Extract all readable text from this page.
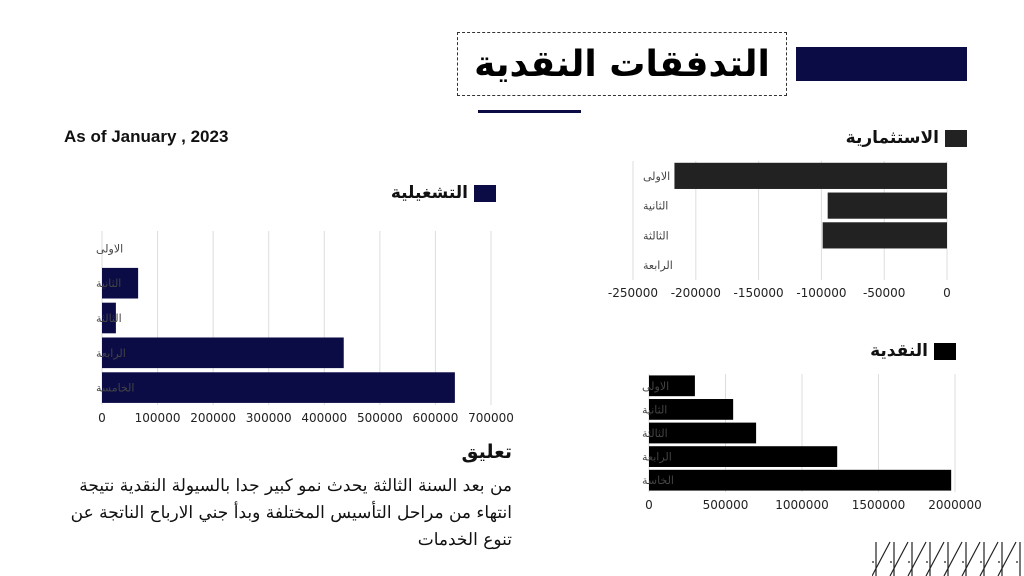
التدفقات النقدية
As of January , 2023
التشغيلية
الاستثمارية
النقدية
0 100000 200000 300000 400000 500000 600000 700000
الاولى
الثانية
الثالثة
الرابعة
الخامسة
-250000 -200000 -150000 -100000 -50000	0
الاولى
الثانية
الثالثة
الرابعة
0	500000 1000000 1500000 2000000
الاولى
الثانية
الثالثة
الرابعة
الخاسة
تعليق
من بعد السنة الثالثة يحدث نمو كبير جدا بالسيولة النقدية نتيجة انتهاء من مراحل التأسيس المختلفة وبدأ جني الارباح الناتجة عن تنوع الخدمات
